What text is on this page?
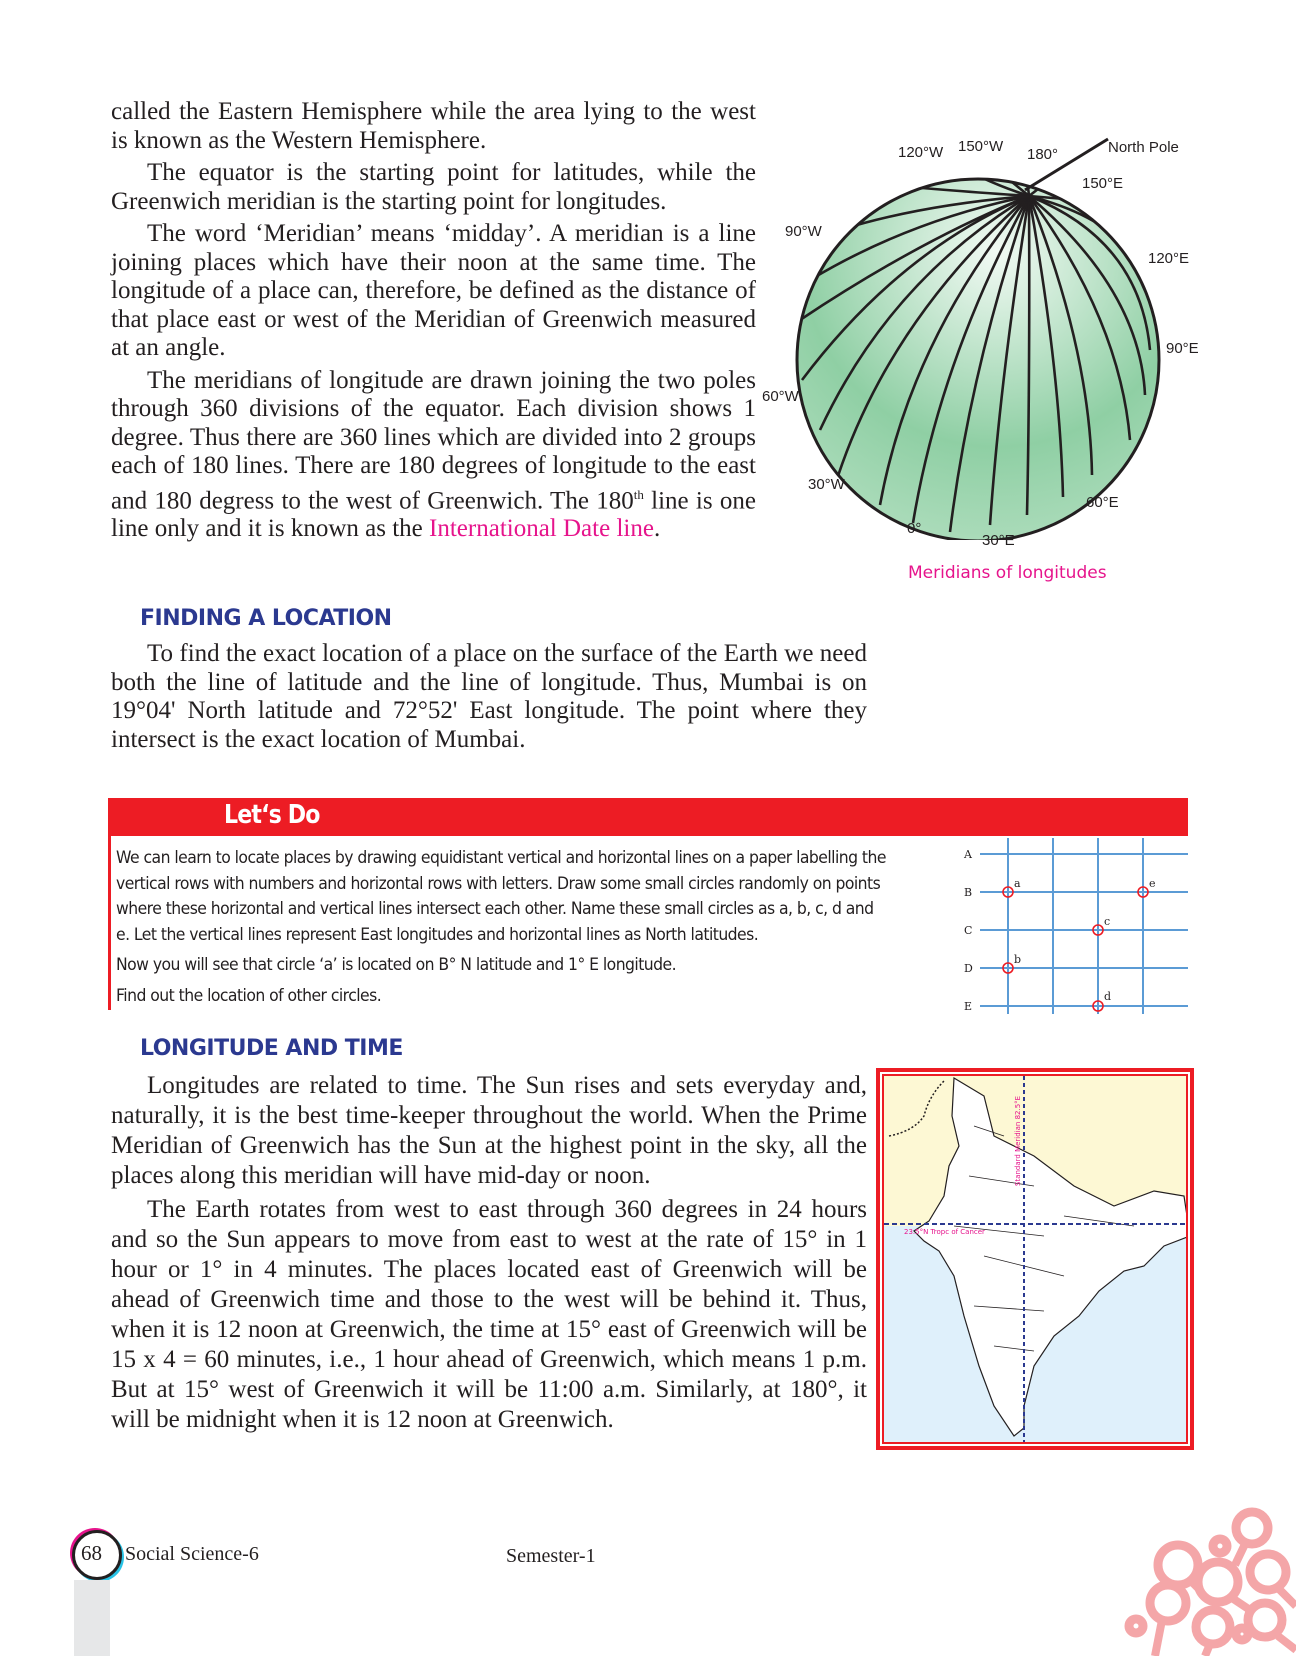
called the Eastern Hemisphere while the area lying to the west is known as the Western Hemisphere.

The equator is the starting point for latitudes, while the Greenwich meridian is the starting point for longitudes.

The word ‘Meridian’ means ‘midday’. A meridian is a line joining places which have their noon at the same time. The longitude of a place can, therefore, be defined as the distance of that place east or west of the Meridian of Greenwich measured at an angle.

The meridians of longitude are drawn joining the two poles through 360 divisions of the equator. Each division shows 1 degree. Thus there are 360 lines which are divided into 2 groups each of 180 lines. There are 180 degrees of longitude to the east and 180 degress to the west of Greenwich. The 180th line is one line only and it is known as the International Date line.

120°W 150°W 180°	North Pole
150°E
90°W
120°E
90°E
60°W
30°W
60°E
0°
30°E
Meridians of longitudes
FINDING A LOCATION

To find the exact location of a place on the surface of the Earth we need both the line of latitude and the line of longitude. Thus, Mumbai is on 19°04' North latitude and 72°52' East longitude. The point where they intersect is the exact location of Mumbai.

Let‘s Do

We can learn to locate places by drawing equidistant vertical and horizontal lines on a paper labelling the vertical rows with numbers and horizontal rows with letters. Draw some small circles randomly on points where these horizontal and vertical lines intersect each other. Name these small circles as a, b, c, d and e. Let the vertical lines represent East longitudes and horizontal lines as North latitudes.

Now you will see that circle ‘a’ is located on B° N latitude and 1° E longitude.

Find out the location of other circles.

A
B
C
D
E
a	e
c
b
d
LONGITUDE AND TIME

Longitudes are related to time. The Sun rises and sets everyday and, naturally, it is the best time-keeper throughout the world. When the Prime Meridian of Greenwich has the Sun at the highest point in the sky, all the places along this meridian will have mid-day or noon.

The Earth rotates from west to east through 360 degrees in 24 hours and so the Sun appears to move from east to west at the rate of 15° in 1 hour or 1° in 4 minutes. The places located east of Greenwich will be ahead of Greenwich time and those to the west will be behind it. Thus, when it is 12 noon at Greenwich, the time at 15° east of Greenwich will be 15 x 4 = 60 minutes, i.e., 1 hour ahead of Greenwich, which means 1 p.m. But at 15° west of Greenwich it will be 11:00 a.m. Similarly, at 180°, it will be midnight when it is 12 noon at Greenwich.

23.5°N Tropc of Cancer
Standard Meridian 82.5°E
68 Social Science-6	Semester-1
